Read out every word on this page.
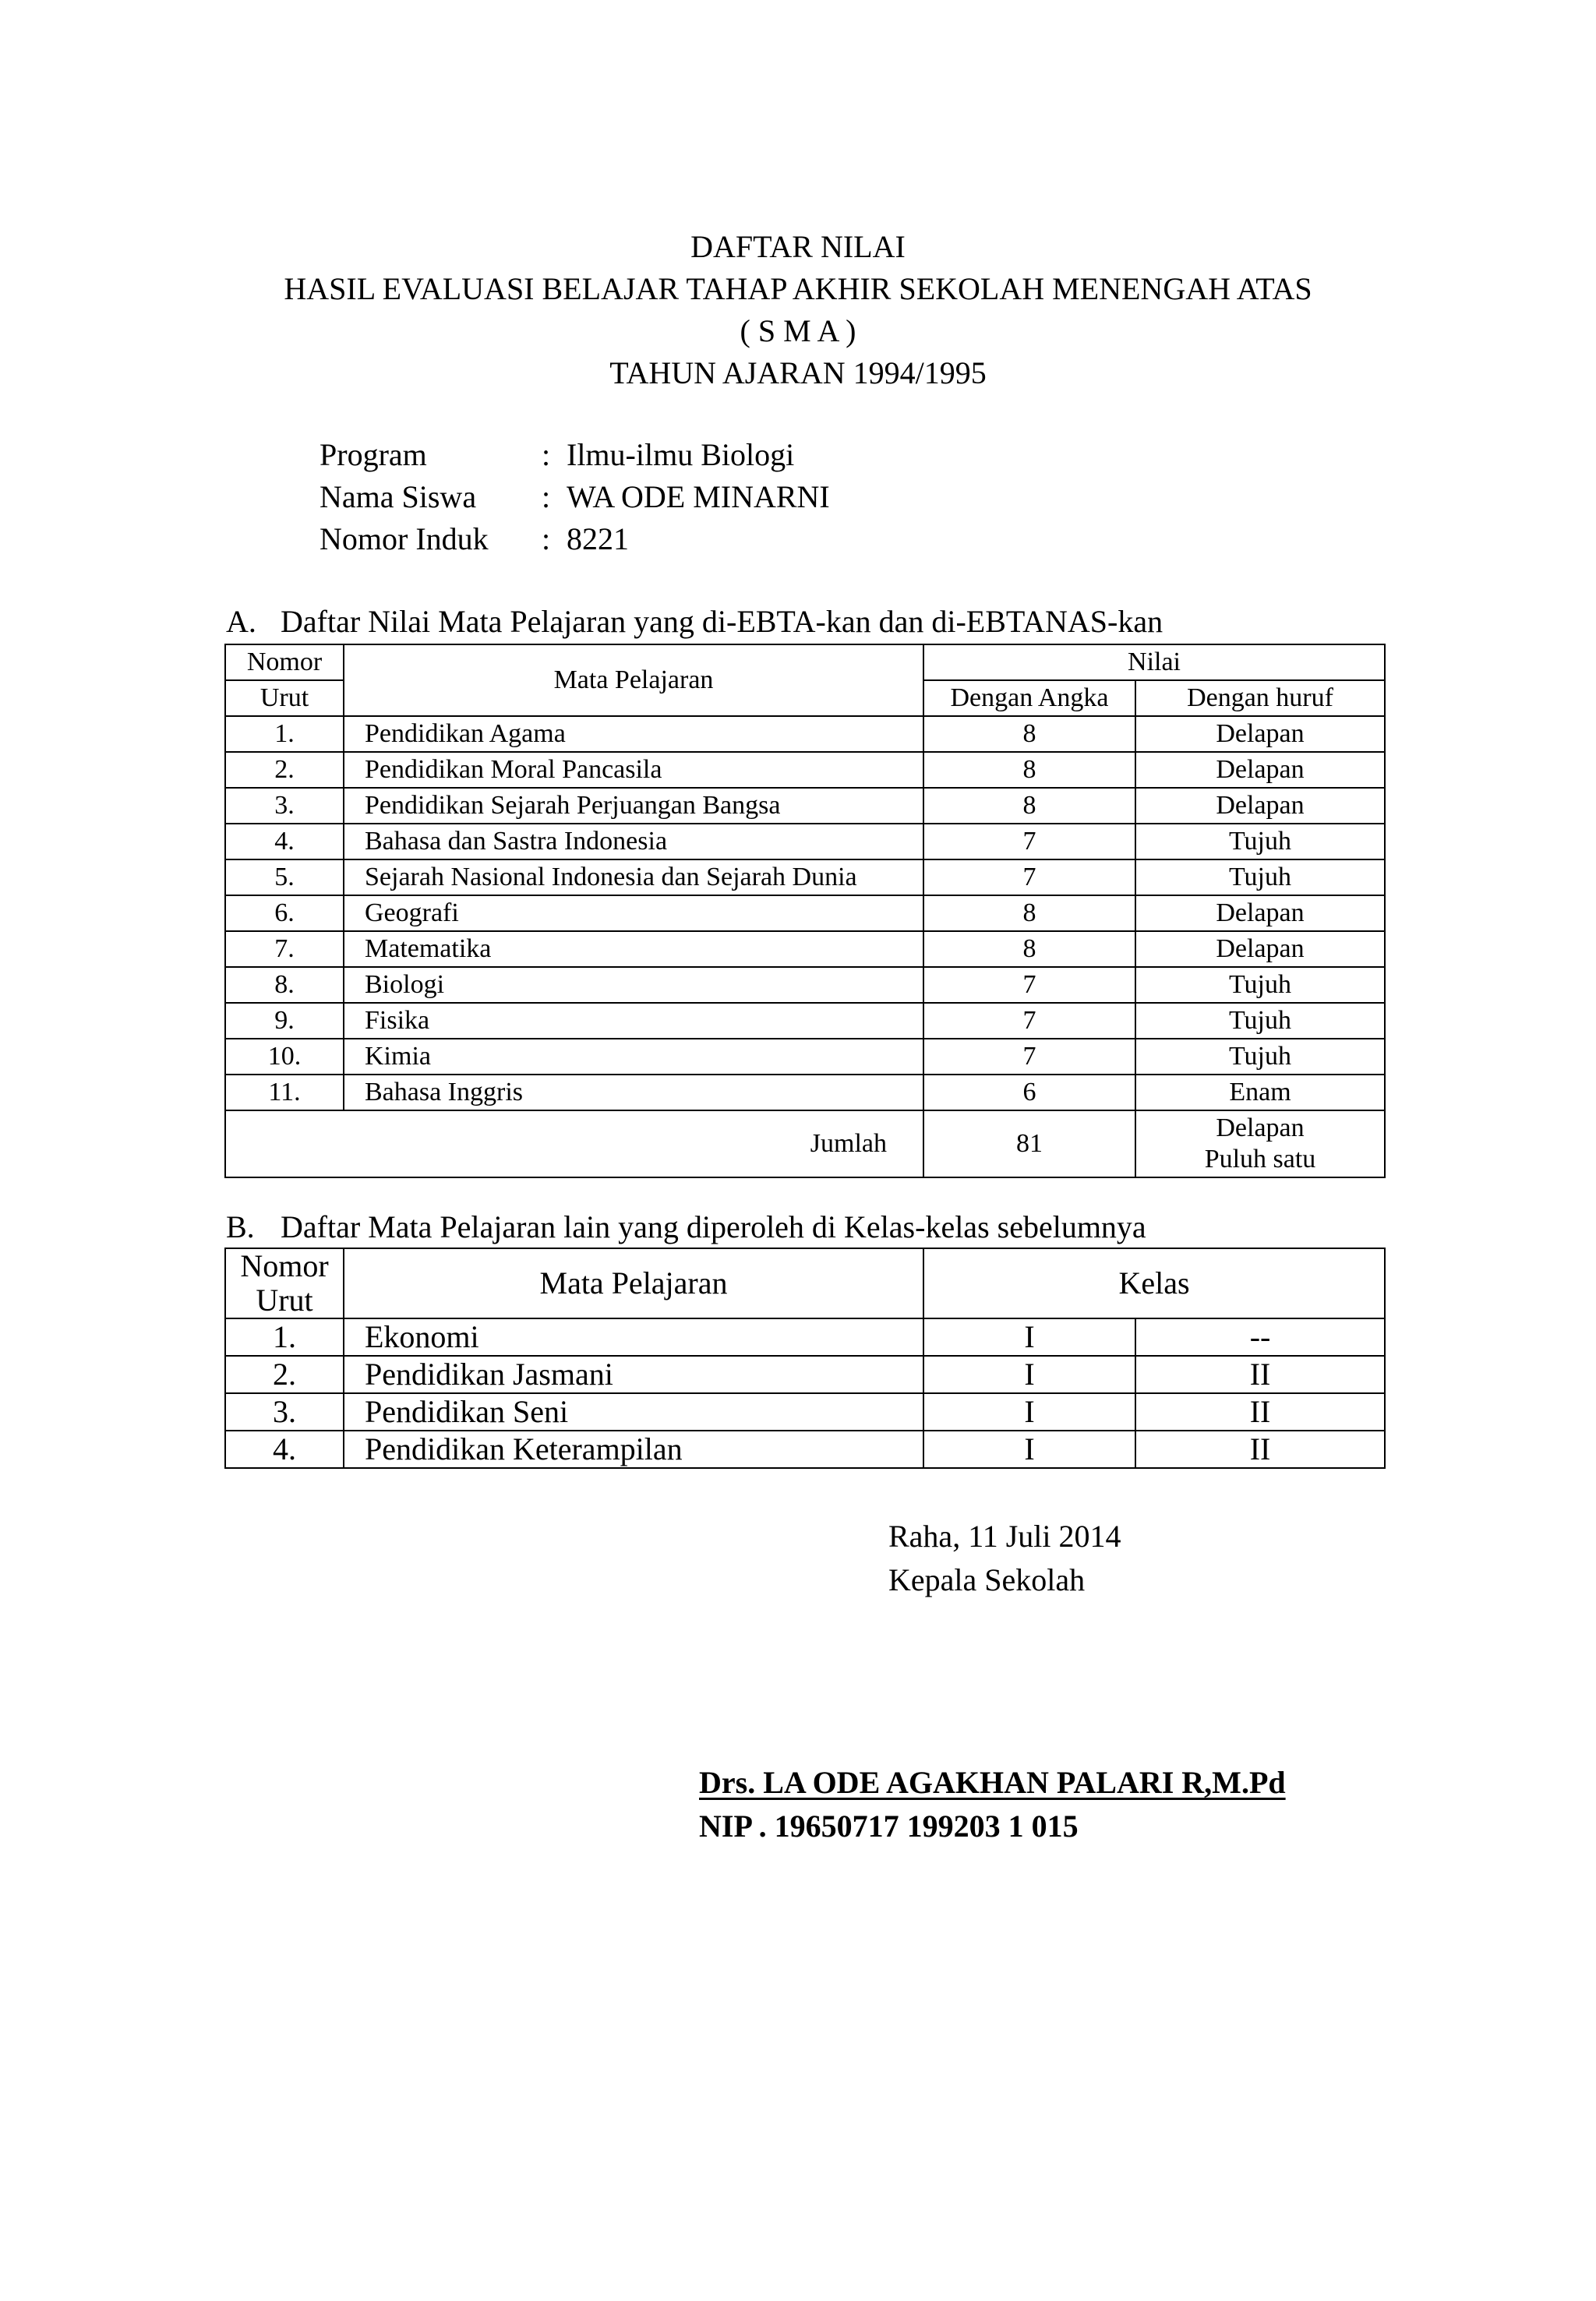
DAFTAR NILAI
HASIL EVALUASI BELAJAR TAHAP AKHIR SEKOLAH MENENGAH ATAS
( S M A )
TAHUN AJARAN 1994/1995
Program	: Ilmu-ilmu Biologi
Nama Siswa	: WA ODE MINARNI
Nomor Induk	: 8221
A. Daftar Nilai Mata Pelajaran yang di-EBTA-kan dan di-EBTANAS-kan
Nomor	Mata Pelajaran	Nilai	
Urut		Dengan Angka	Dengan huruf
1.	Pendidikan Agama	8	Delapan
2.	Pendidikan Moral Pancasila	8	Delapan
3.	Pendidikan Sejarah Perjuangan Bangsa	8	Delapan
4.	Bahasa dan Sastra Indonesia	7	Tujuh
5.	Sejarah Nasional Indonesia dan Sejarah Dunia	7	Tujuh
6.	Geografi	8	Delapan
7.	Matematika	8	Delapan
8.	Biologi	7	Tujuh
9.	Fisika	7	Tujuh
10.	Kimia	7	Tujuh
11.	Bahasa Inggris	6	Enam
Jumlah		81	Delapan
Puluh satu
B. Daftar Mata Pelajaran lain yang diperoleh di Kelas-kelas sebelumnya
Nomor	Mata Pelajaran	Kelas	
Urut			
1.	Ekonomi	I	--
2.	Pendidikan Jasmani	I	II
3.	Pendidikan Seni	I	II
4.	Pendidikan Keterampilan	I	II
Raha, 11 Juli 2014
Kepala Sekolah
Drs. LA ODE AGAKHAN PALARI R,M.Pd
NIP . 19650717 199203 1 015
